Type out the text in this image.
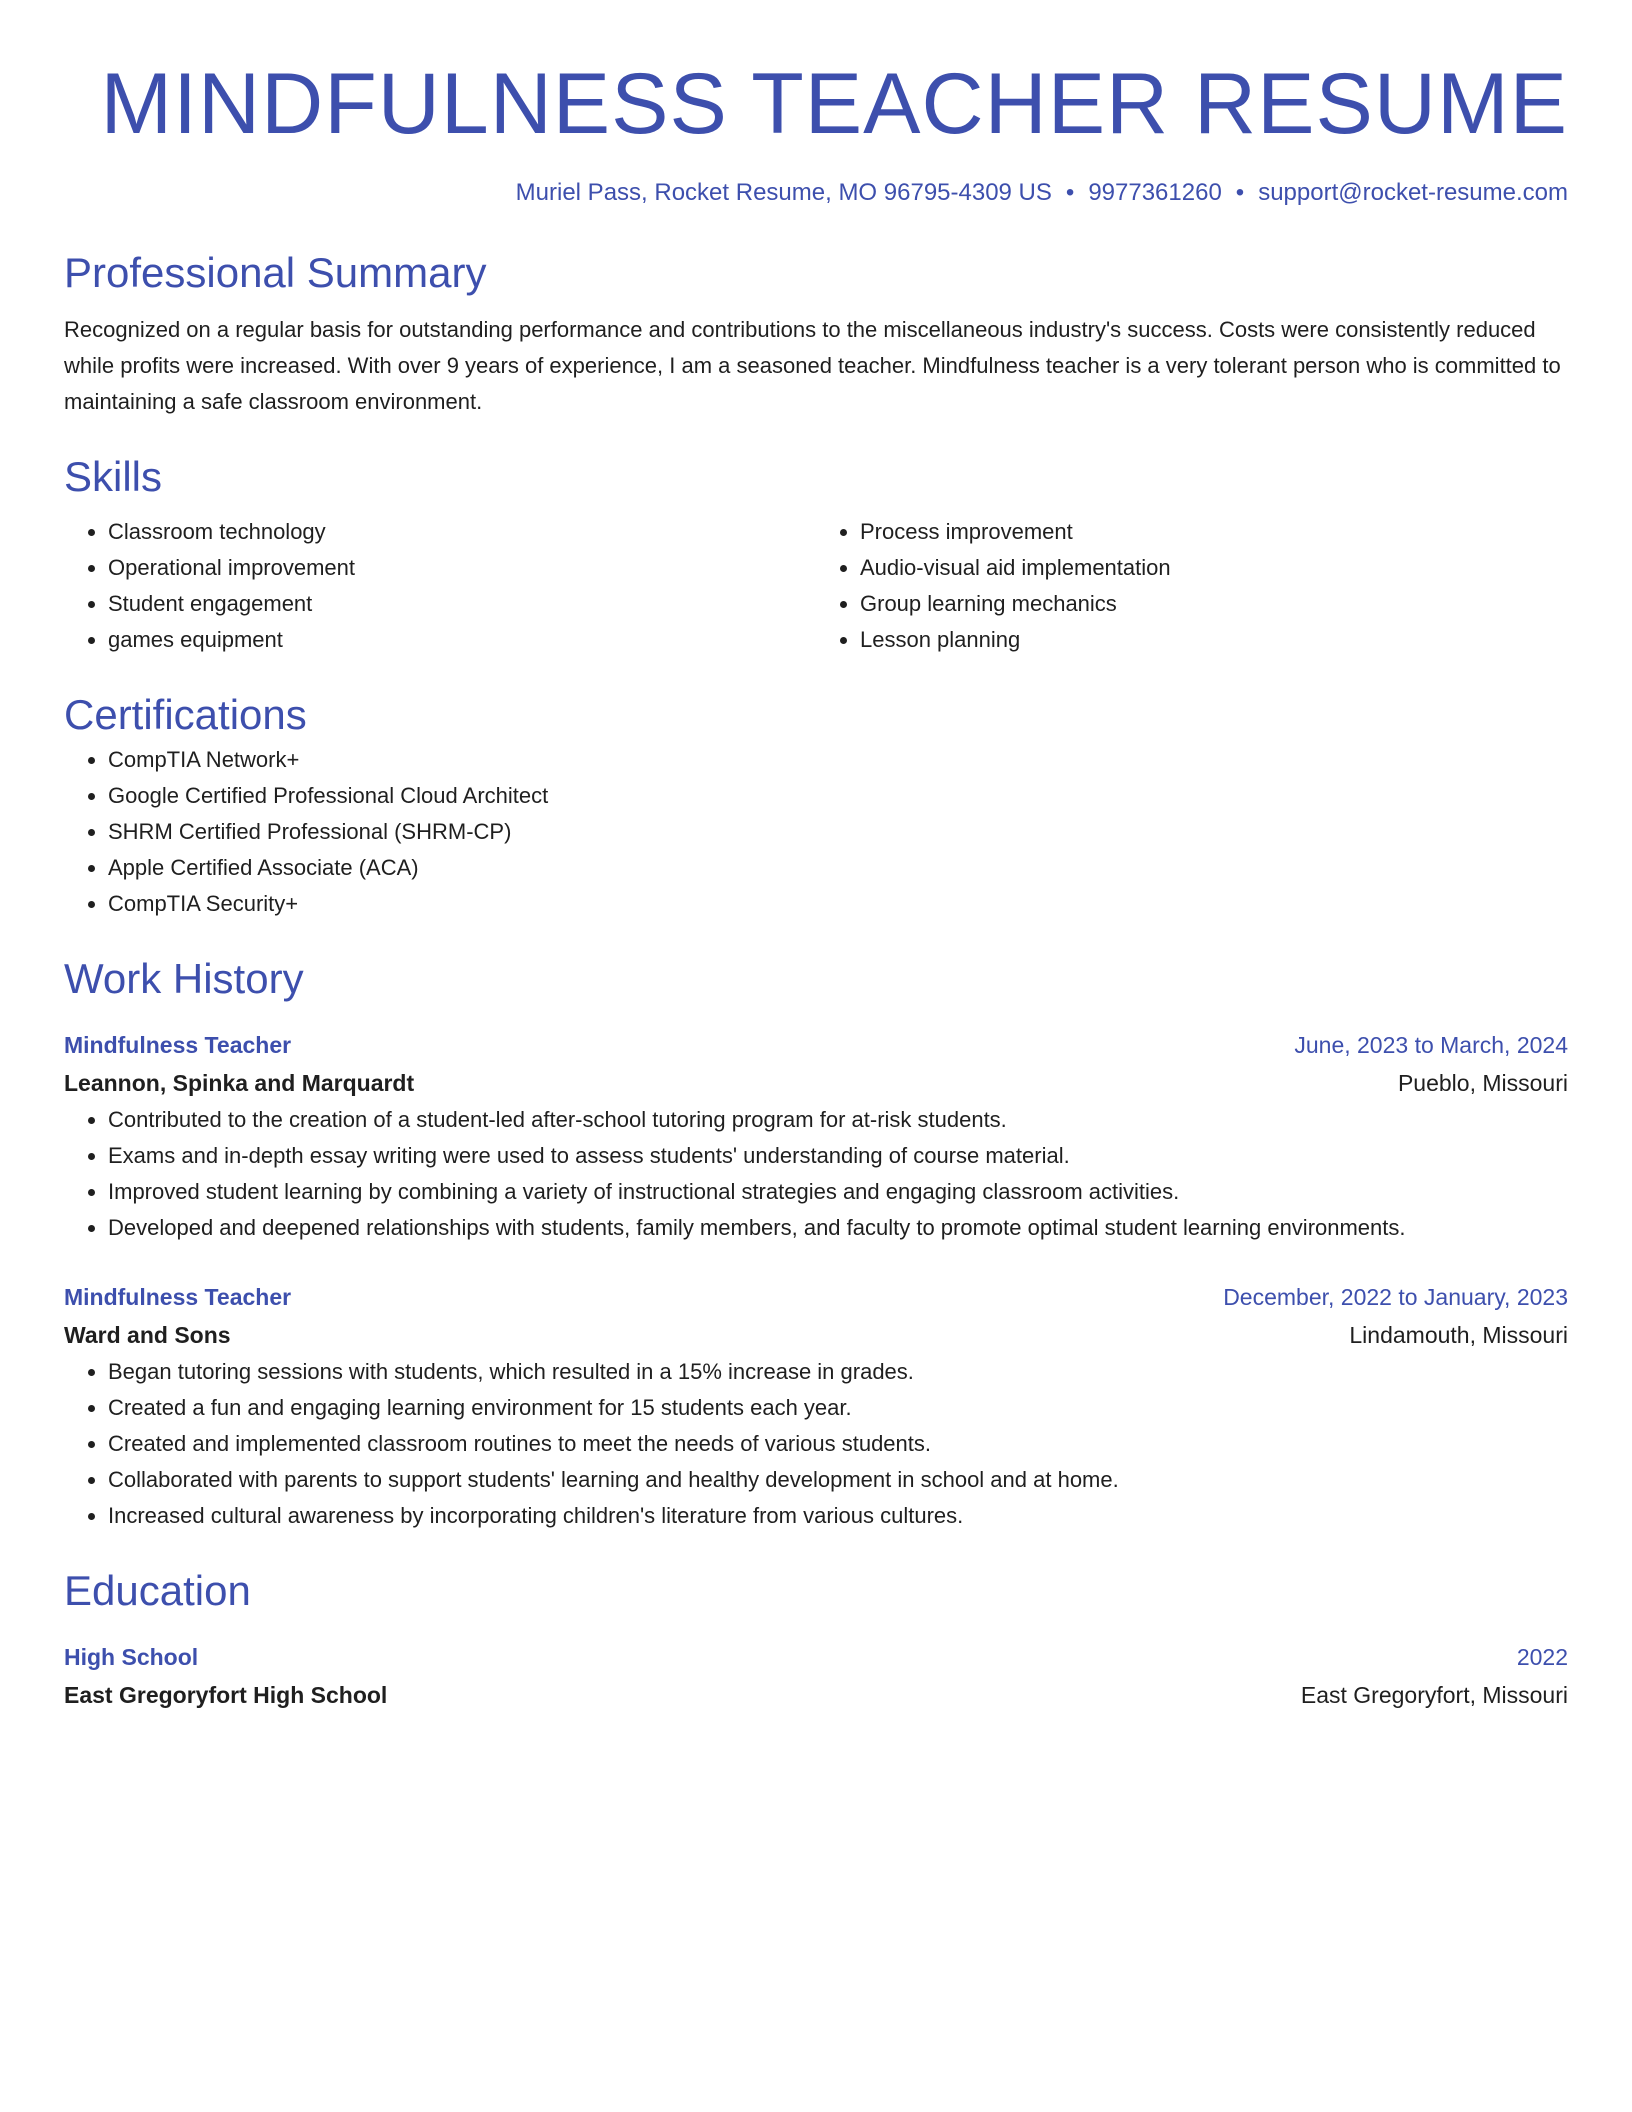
MINDFULNESS TEACHER RESUME
Muriel Pass, Rocket Resume, MO 96795-4309 US • 9977361260 • support@rocket-resume.com
Professional Summary

Recognized on a regular basis for outstanding performance and contributions to the miscellaneous industry's success. Costs were consistently reduced while profits were increased. With over 9 years of experience, I am a seasoned teacher. Mindfulness teacher is a very tolerant person who is committed to maintaining a safe classroom environment.

Skills
• Classroom technology
• Operational improvement
• Student engagement
• games equipment
• Process improvement
• Audio-visual aid implementation
• Group learning mechanics
• Lesson planning
Certifications
• CompTIA Network+
• Google Certified Professional Cloud Architect
• SHRM Certified Professional (SHRM-CP)
• Apple Certified Associate (ACA)
• CompTIA Security+
Work History
Mindfulness Teacher	June, 2023 to March, 2024
Leannon, Spinka and Marquardt	Pueblo, Missouri
• Contributed to the creation of a student-led after-school tutoring program for at-risk students.
• Exams and in-depth essay writing were used to assess students' understanding of course material.
• Improved student learning by combining a variety of instructional strategies and engaging classroom activities.
• Developed and deepened relationships with students, family members, and faculty to promote optimal student learning environments.
Mindfulness Teacher	December, 2022 to January, 2023
Ward and Sons	Lindamouth, Missouri
• Began tutoring sessions with students, which resulted in a 15% increase in grades.
• Created a fun and engaging learning environment for 15 students each year.
• Created and implemented classroom routines to meet the needs of various students.
• Collaborated with parents to support students' learning and healthy development in school and at home.
• Increased cultural awareness by incorporating children's literature from various cultures.
Education
High School	2022
East Gregoryfort High School	East Gregoryfort, Missouri
